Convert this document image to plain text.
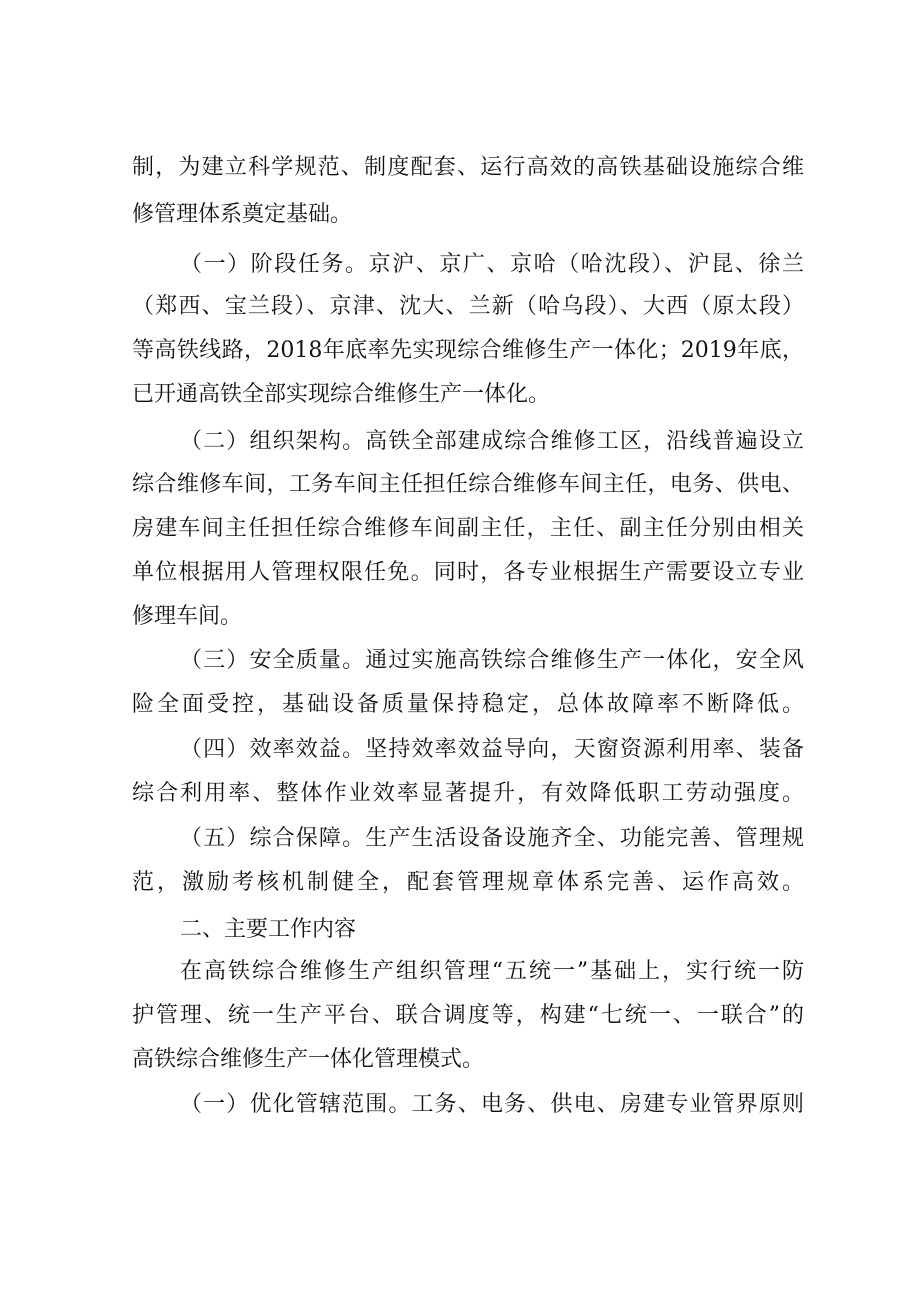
制，为建立科学规范、制度配套、运行高效的高铁基础设施综合维
修管理体系奠定基础。
（一）阶段任务。京沪、京广、京哈（哈沈段）、沪昆、徐兰
（郑西、宝兰段）、京津、沈大、兰新（哈乌段）、大西（原太段）
等高铁线路，2018年底率先实现综合维修生产一体化；2019年底，
已开通高铁全部实现综合维修生产一体化。
（二）组织架构。高铁全部建成综合维修工区，沿线普遍设立
综合维修车间，工务车间主任担任综合维修车间主任，电务、供电、
房建车间主任担任综合维修车间副主任，主任、副主任分别由相关
单位根据用人管理权限任免。同时，各专业根据生产需要设立专业
修理车间。
（三）安全质量。通过实施高铁综合维修生产一体化，安全风
险全面受控，基础设备质量保持稳定，总体故障率不断降低。
（四）效率效益。坚持效率效益导向，天窗资源利用率、装备
综合利用率、整体作业效率显著提升，有效降低职工劳动强度。
（五）综合保障。生产生活设备设施齐全、功能完善、管理规
范，激励考核机制健全，配套管理规章体系完善、运作高效。
二、主要工作内容
在高铁综合维修生产组织管理“五统一”基础上，实行统一防
护管理、统一生产平台、联合调度等，构建“七统一、一联合”的
高铁综合维修生产一体化管理模式。
（一）优化管辖范围。工务、电务、供电、房建专业管界原则
